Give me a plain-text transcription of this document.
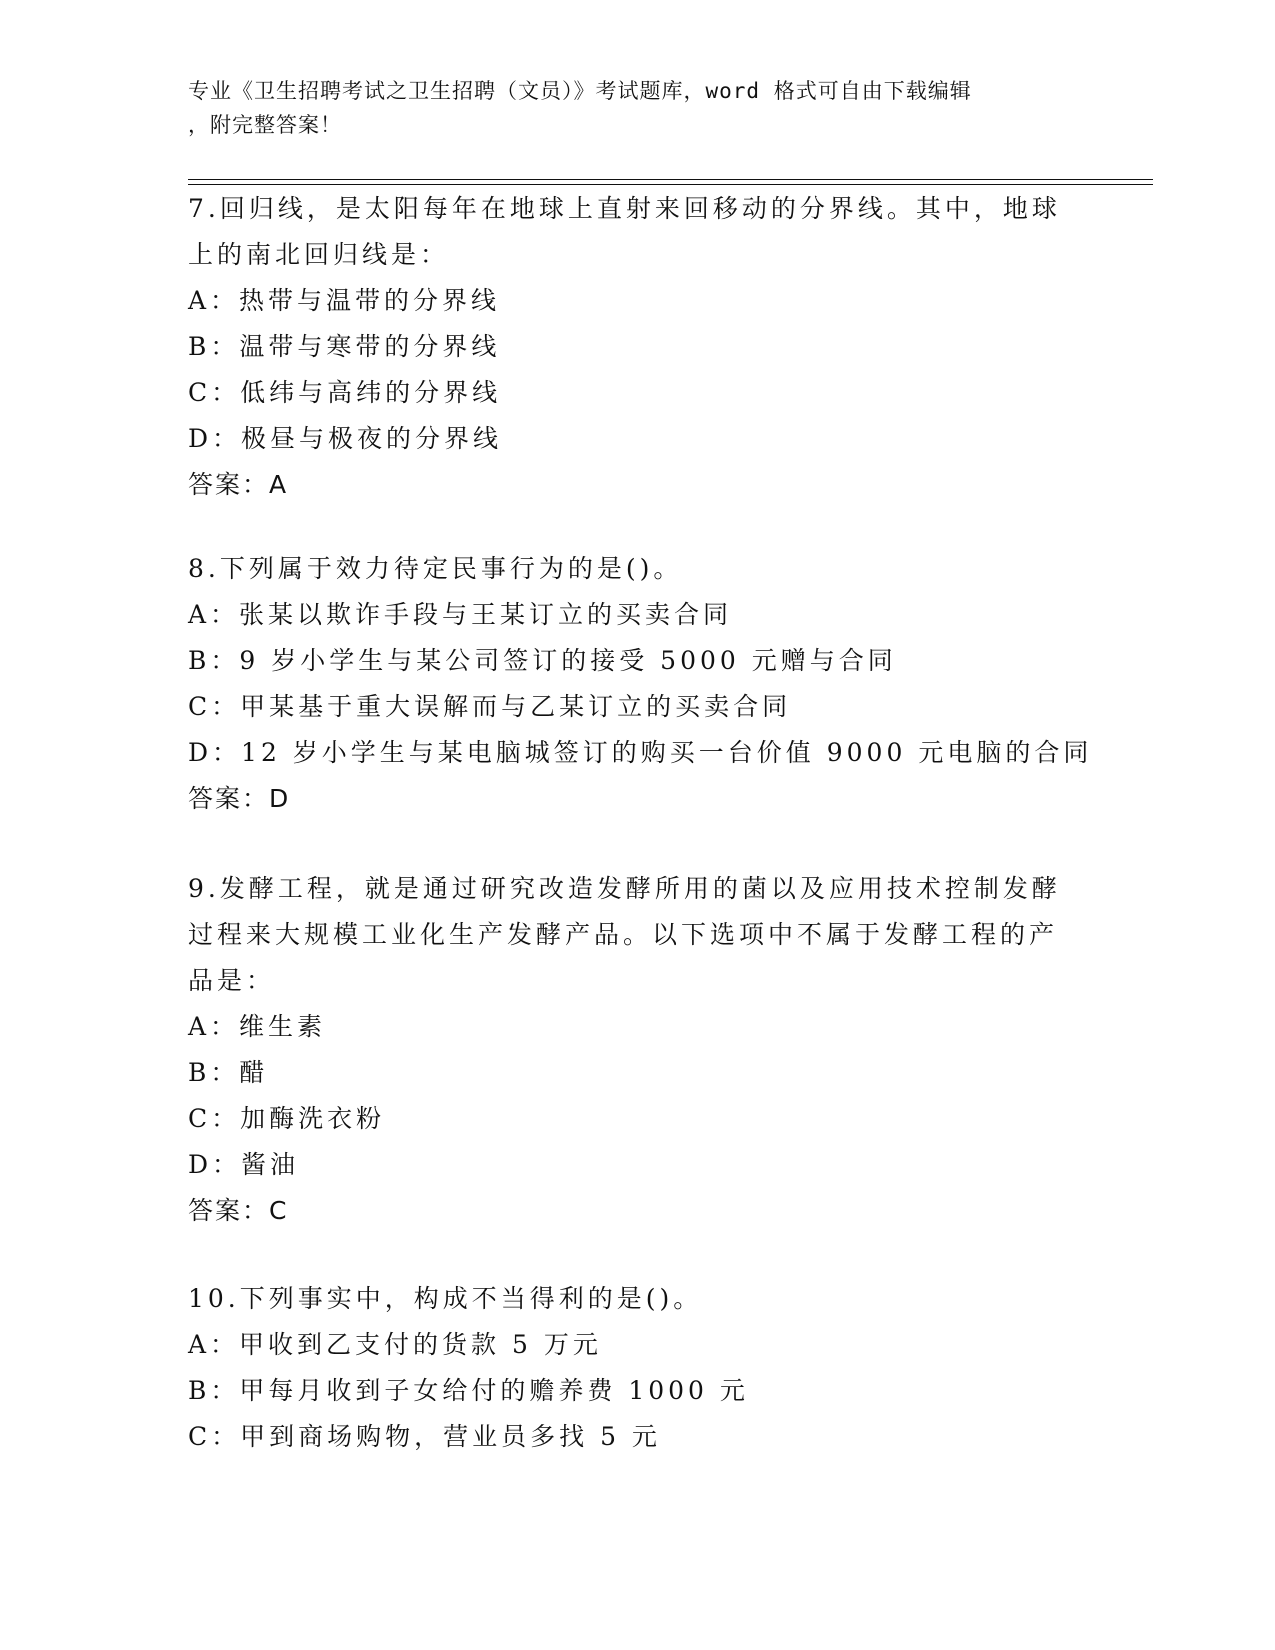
专业《卫生招聘考试之卫生招聘（文员）》考试题库，word 格式可自由下载编辑
，附完整答案！
7.回归线，是太阳每年在地球上直射来回移动的分界线。其中，地球
上的南北回归线是：
A：热带与温带的分界线
B：温带与寒带的分界线
C：低纬与高纬的分界线
D：极昼与极夜的分界线
答案：A
8.下列属于效力待定民事行为的是()。
A：张某以欺诈手段与王某订立的买卖合同
B：9 岁小学生与某公司签订的接受 5000 元赠与合同
C：甲某基于重大误解而与乙某订立的买卖合同
D：12 岁小学生与某电脑城签订的购买一台价值 9000 元电脑的合同
答案：D
9.发酵工程，就是通过研究改造发酵所用的菌以及应用技术控制发酵
过程来大规模工业化生产发酵产品。以下选项中不属于发酵工程的产
品是：
A：维生素
B：醋
C：加酶洗衣粉
D：酱油
答案：C
10.下列事实中，构成不当得利的是()。
A：甲收到乙支付的货款 5 万元
B：甲每月收到子女给付的赡养费 1000 元
C：甲到商场购物，营业员多找 5 元
